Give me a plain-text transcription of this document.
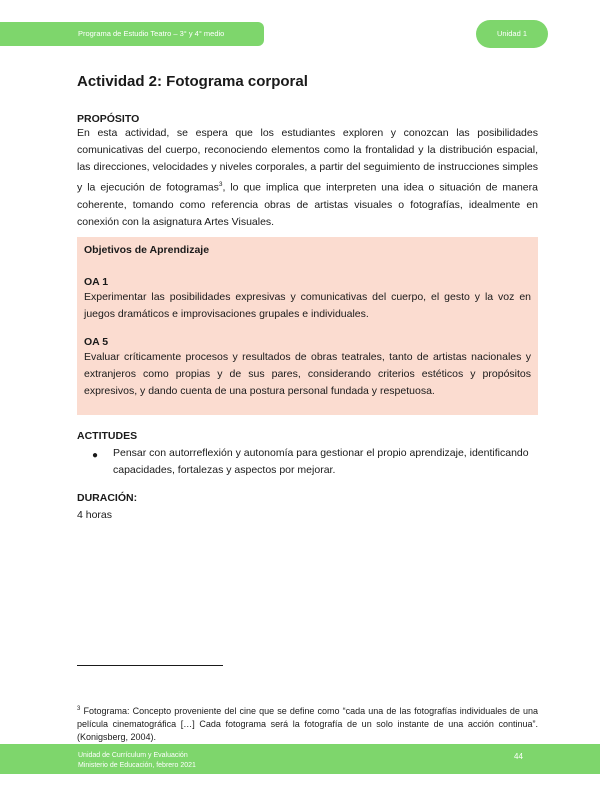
Programa de Estudio Teatro – 3° y 4° medio	Unidad 1
Actividad 2: Fotograma corporal
PROPÓSITO

En esta actividad, se espera que los estudiantes exploren y conozcan las posibilidades comunicativas del cuerpo, reconociendo elementos como la frontalidad y la distribución espacial, las direcciones, velocidades y niveles corporales, a partir del seguimiento de instrucciones simples y la ejecución de fotogramas$^3$, lo que implica que interpreten una idea o situación de manera coherente, tomando como referencia obras de artistas visuales o fotografías, idealmente en conexión con la asignatura Artes Visuales.

Objetivos de Aprendizaje
OA 1

Experimentar las posibilidades expresivas y comunicativas del cuerpo, el gesto y la voz en juegos dramáticos e improvisaciones grupales e individuales.

OA 5

Evaluar críticamente procesos y resultados de obras teatrales, tanto de artistas nacionales y extranjeros como propias y de sus pares, considerando criterios estéticos y propósitos expresivos, y dando cuenta de una postura personal fundada y respetuosa.

ACTITUDES
● Pensar con autorreflexión y autonomía para gestionar el propio aprendizaje, identificando capacidades, fortalezas y aspectos por mejorar.

DURACIÓN:
4 horas

$^3$ Fotograma: Concepto proveniente del cine que se define como “cada una de las fotografías individuales de una película cinematográfica […] Cada fotograma será la fotografía de un solo instante de una acción continua”. (Konigsberg, 2004).

Unidad de Currículum y Evaluación
Ministerio de Educación, febrero 2021
44
